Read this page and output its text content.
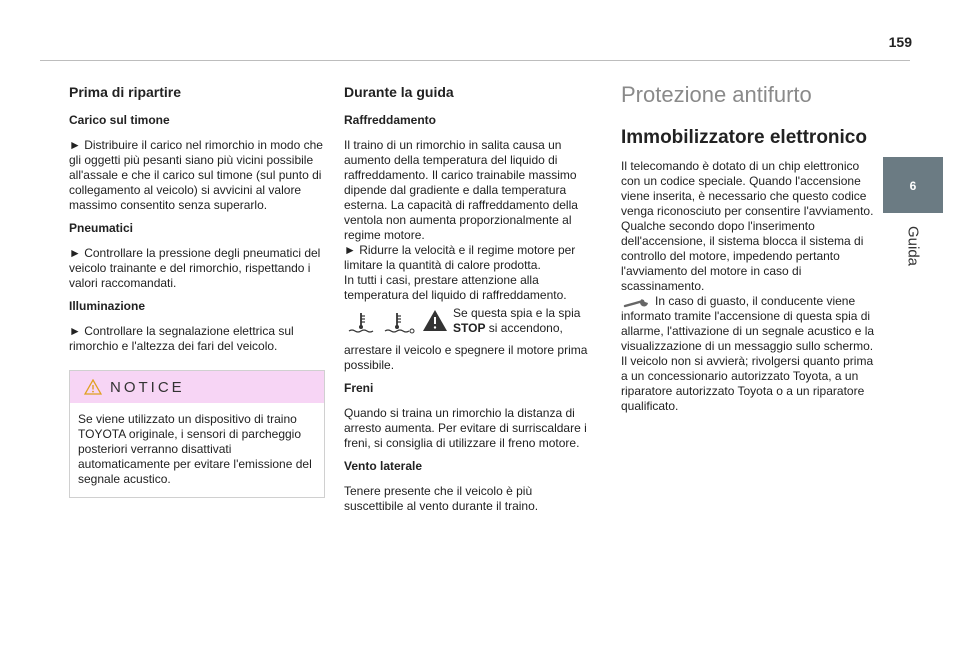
159
6
Guida
Prima di ripartire
Carico sul timone

► Distribuire il carico nel rimorchio in modo che gli oggetti più pesanti siano più vicini possibile all'assale e che il carico sul timone (sul punto di collegamento al veicolo) si avvicini al valore massimo consentito senza superarlo.

Pneumatici

► Controllare la pressione degli pneumatici del veicolo trainante e del rimorchio, rispettando i valori raccomandati.

Illuminazione

► Controllare la segnalazione elettrica sul rimorchio e l'altezza dei fari del veicolo.

NOTICE

Se viene utilizzato un dispositivo di traino TOYOTA originale, i sensori di parcheggio posteriori verranno disattivati automaticamente per evitare l'emissione del segnale acustico.

Durante la guida
Raffreddamento

Il traino di un rimorchio in salita causa un aumento della temperatura del liquido di raffreddamento. Il carico trainabile massimo dipende dal gradiente e dalla temperatura esterna. La capacità di raffreddamento della ventola non aumenta proporzionalmente al regime motore.

► Ridurre la velocità e il regime motore per limitare la quantità di calore prodotta.

In tutti i casi, prestare attenzione alla temperatura del liquido di raffreddamento.

Se questa spia e la spia STOP si accendono,

arrestare il veicolo e spegnere il motore prima possibile.

Freni

Quando si traina un rimorchio la distanza di arresto aumenta. Per evitare di surriscaldare i freni, si consiglia di utilizzare il freno motore.

Vento laterale

Tenere presente che il veicolo è più suscettibile al vento durante il traino.

Protezione antifurto
Immobilizzatore elettronico

Il telecomando è dotato di un chip elettronico con un codice speciale. Quando l'accensione viene inserita, è necessario che questo codice venga riconosciuto per consentire l'avviamento.

Qualche secondo dopo l'inserimento dell'accensione, il sistema blocca il sistema di controllo del motore, impedendo pertanto l'avviamento del motore in caso di scassinamento.

In caso di guasto, il conducente viene informato tramite l'accensione di questa spia di allarme, l'attivazione di un segnale acustico e la visualizzazione di un messaggio sullo schermo.

Il veicolo non si avvierà; rivolgersi quanto prima a un concessionario autorizzato Toyota, a un riparatore autorizzato Toyota o a un riparatore qualificato.
